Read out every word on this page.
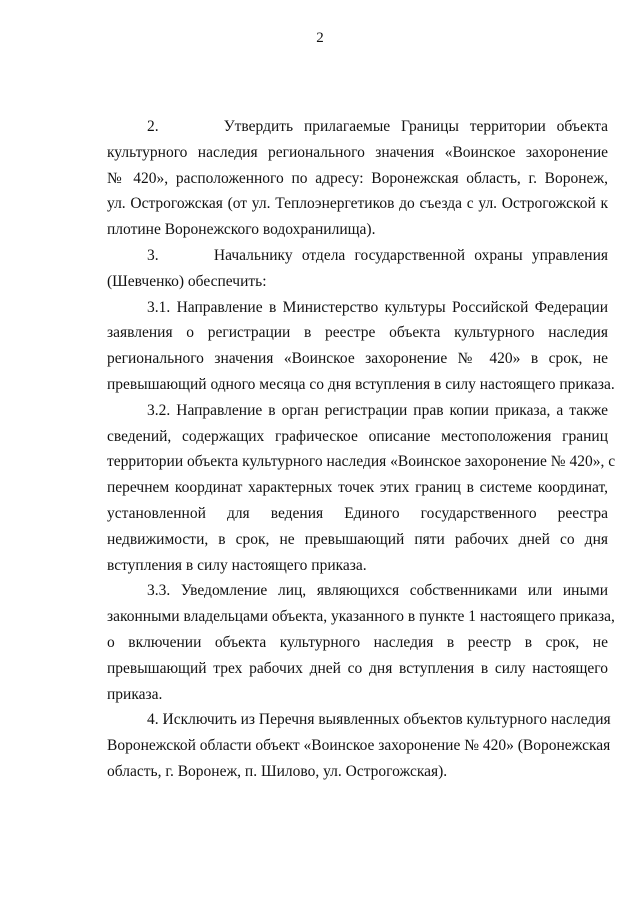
2
2.      Утвердить прилагаемые Границы территории объекта
культурного наследия регионального значения «Воинское захоронение
№ 420», расположенного по адресу: Воронежская область, г. Воронеж,
ул. Острогожская (от ул. Теплоэнергетиков до съезда с ул. Острогожской к
плотине Воронежского водохранилища).
3.      Начальнику отдела государственной охраны управления
(Шевченко) обеспечить:
3.1. Направление в Министерство культуры Российской Федерации
заявления о регистрации в реестре объекта культурного наследия
регионального значения «Воинское захоронение № 420» в срок, не
превышающий одного месяца со дня вступления в силу настоящего приказа.
3.2. Направление в орган регистрации прав копии приказа, а также
сведений, содержащих графическое описание местоположения границ
территории объекта культурного наследия «Воинское захоронение № 420», с
перечнем координат характерных точек этих границ в системе координат,
установленной для ведения Единого государственного реестра
недвижимости, в срок, не превышающий пяти рабочих дней со дня
вступления в силу настоящего приказа.
3.3. Уведомление лиц, являющихся собственниками или иными
законными владельцами объекта, указанного в пункте 1 настоящего приказа,
о включении объекта культурного наследия в реестр в срок, не
превышающий трех рабочих дней со дня вступления в силу настоящего
приказа.
4. Исключить из Перечня выявленных объектов культурного наследия
Воронежской области объект «Воинское захоронение № 420» (Воронежская
область, г. Воронеж, п. Шилово, ул. Острогожская).
